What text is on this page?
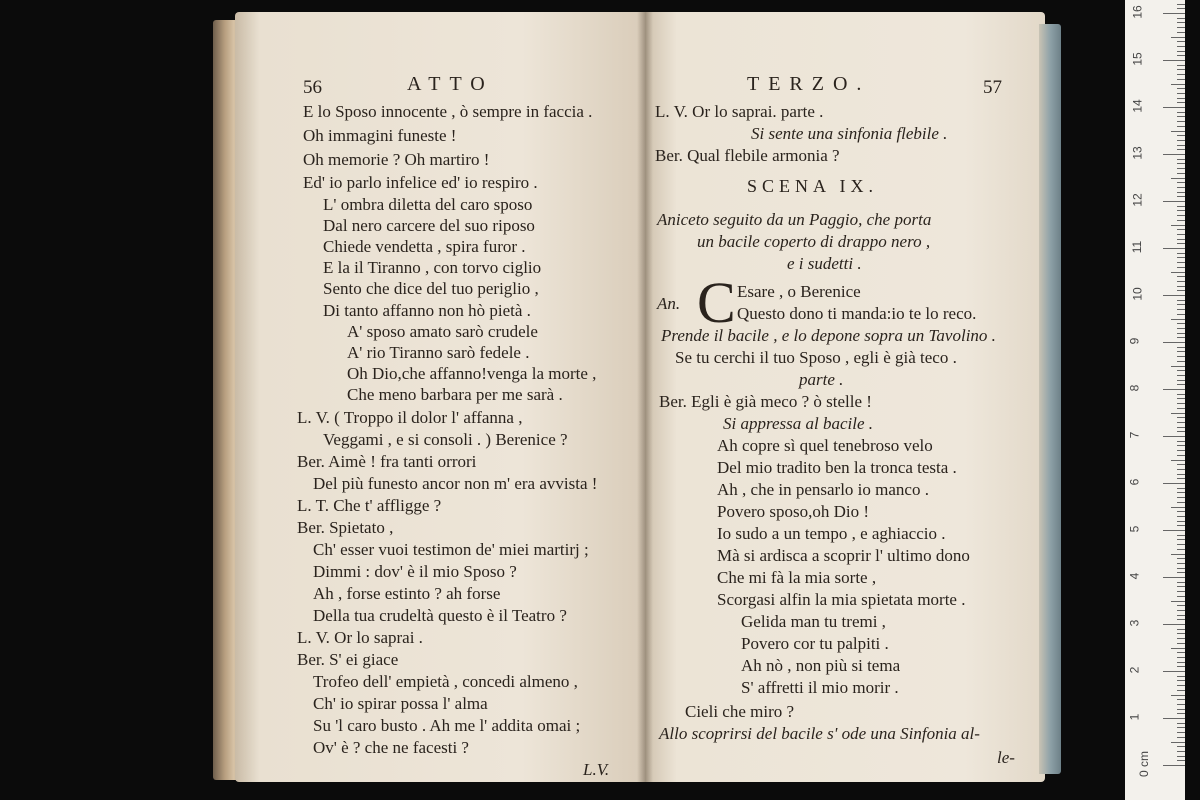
56	ATTO
E lo Sposo innocente , ò sempre in faccia .
Oh immagini funeste !
Oh memorie ? Oh martiro !
Ed' io parlo infelice ed' io respiro .
L' ombra diletta del caro sposo
Dal nero carcere del suo riposo
Chiede vendetta , spira furor .
E la il Tiranno , con torvo ciglio
Sento che dice del tuo periglio ,
Di tanto affanno non hò pietà .
A' sposo amato sarò crudele
A' rio Tiranno sarò fedele .
Oh Dio,che affanno!venga la morte ,
Che meno barbara per me sarà .
L. V. ( Troppo il dolor l' affanna ,
Veggami , e si consoli . ) Berenice ?
Ber. Aimè ! fra tanti orrori
Del più funesto ancor non m' era avvista !
L. T. Che t' affligge ?
Ber. Spietato ,
Ch' esser vuoi testimon de' miei martirj ;
Dimmi : dov' è il mio Sposo ?
Ah , forse estinto ? ah forse
Della tua crudeltà questo è il Teatro ?
L. V. Or lo saprai .
Ber. S' ei giace
Trofeo dell' empietà , concedi almeno ,
Ch' io spirar possa l' alma
Su 'l caro busto . Ah me l' addita omai ;
Ov' è ? che ne facesti ?
L.V.
TERZO.	57
L. V. Or lo saprai. parte .
Si sente una sinfonia flebile .
Ber. Qual flebile armonia ?
SCENA IX.
Aniceto seguito da un Paggio, che porta
un bacile coperto di drappo nero ,
e i sudetti .
An. C Esare , o Berenice
Questo dono ti manda:io te lo reco.
Prende il bacile , e lo depone sopra un Tavolino .
Se tu cerchi il tuo Sposo , egli è già teco .
parte .
Ber. Egli è già meco ? ò stelle !
Si appressa al bacile .
Ah copre sì quel tenebroso velo
Del mio tradito ben la tronca testa .
Ah , che in pensarlo io manco .
Povero sposo,oh Dio !
Io sudo a un tempo , e aghiaccio .
Mà si ardisca a scoprir l' ultimo dono
Che mi fà la mia sorte ,
Scorgasi alfin la mia spietata morte .
Gelida man tu tremi ,
Povero cor tu palpiti .
Ah nò , non più si tema
S' affretti il mio morir .
Cieli che miro ?
Allo scoprirsi del bacile s' ode una Sinfonia al-
le-	0 cm
1
2
3
4
5
6
7
8
9
10
11
12
13
14
15
16
